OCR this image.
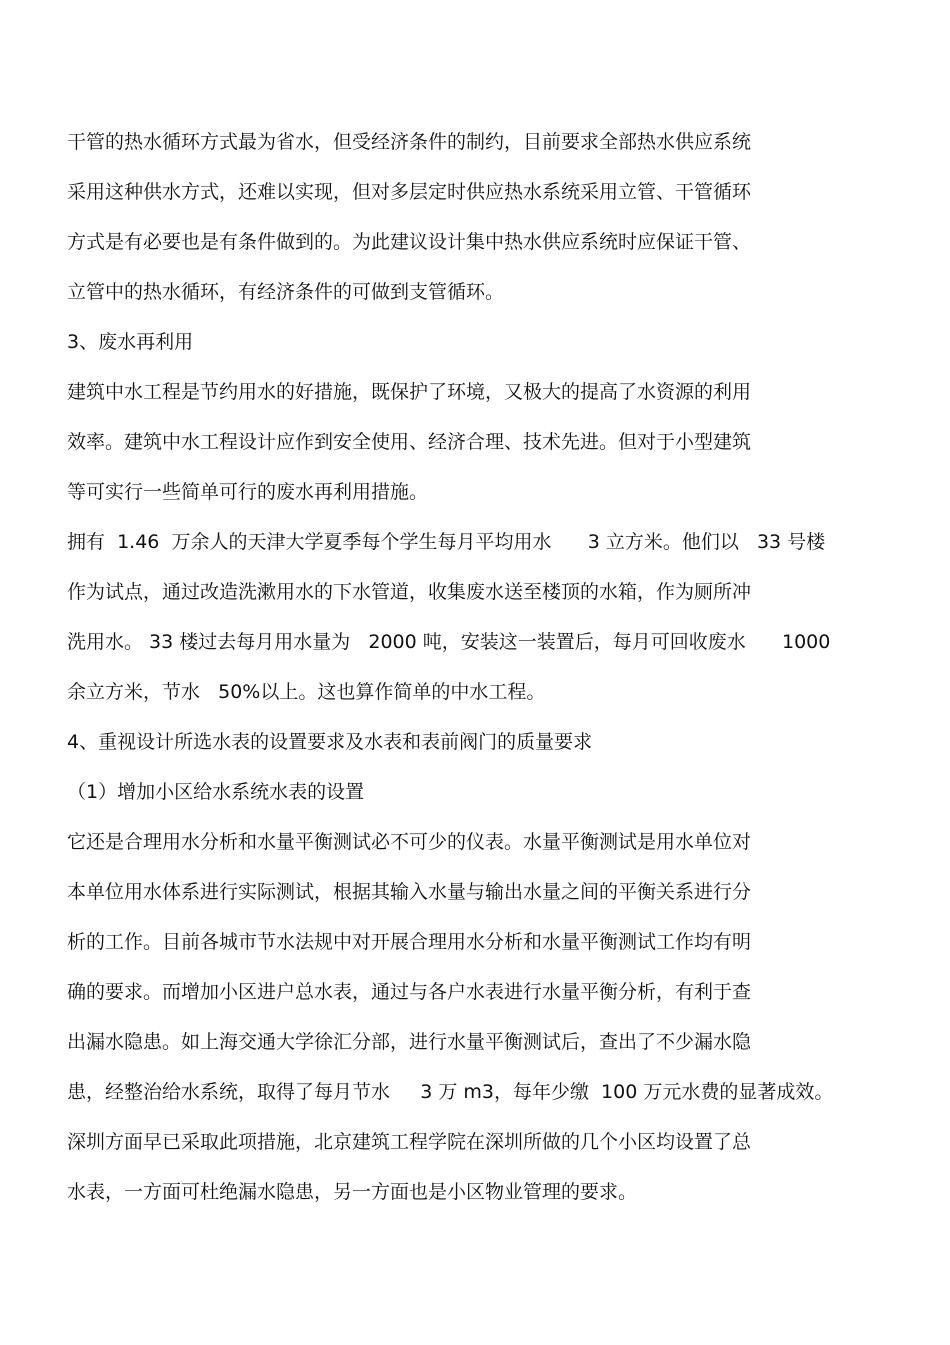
干管的热水循环方式最为省水，但受经济条件的制约，目前要求全部热水供应系统
采用这种供水方式，还难以实现，但对多层定时供应热水系统采用立管、干管循环
方式是有必要也是有条件做到的。为此建议设计集中热水供应系统时应保证干管、
立管中的热水循环，有经济条件的可做到支管循环。
3、废水再利用
建筑中水工程是节约用水的好措施，既保护了环境，又极大的提高了水资源的利用
效率。建筑中水工程设计应作到安全使用、经济合理、技术先进。但对于小型建筑
等可实行一些简单可行的废水再利用措施。
拥有  1.46  万余人的天津大学夏季每个学生每月平均用水      3 立方米。他们以   33 号楼
作为试点，通过改造洗漱用水的下水管道，收集废水送至楼顶的水箱，作为厕所冲
洗用水。 33 楼过去每月用水量为   2000 吨，安装这一装置后，每月可回收废水      1000
余立方米，节水   50%以上。这也算作简单的中水工程。
4、重视设计所选水表的设置要求及水表和表前阀门的质量要求
（1）增加小区给水系统水表的设置
它还是合理用水分析和水量平衡测试必不可少的仪表。水量平衡测试是用水单位对
本单位用水体系进行实际测试，根据其输入水量与输出水量之间的平衡关系进行分
析的工作。目前各城市节水法规中对开展合理用水分析和水量平衡测试工作均有明
确的要求。而增加小区进户总水表，通过与各户水表进行水量平衡分析，有利于查
出漏水隐患。如上海交通大学徐汇分部，进行水量平衡测试后，查出了不少漏水隐
患，经整治给水系统，取得了每月节水     3 万 m3，每年少缴  100 万元水费的显著成效。
深圳方面早已采取此项措施，北京建筑工程学院在深圳所做的几个小区均设置了总
水表，一方面可杜绝漏水隐患，另一方面也是小区物业管理的要求。
